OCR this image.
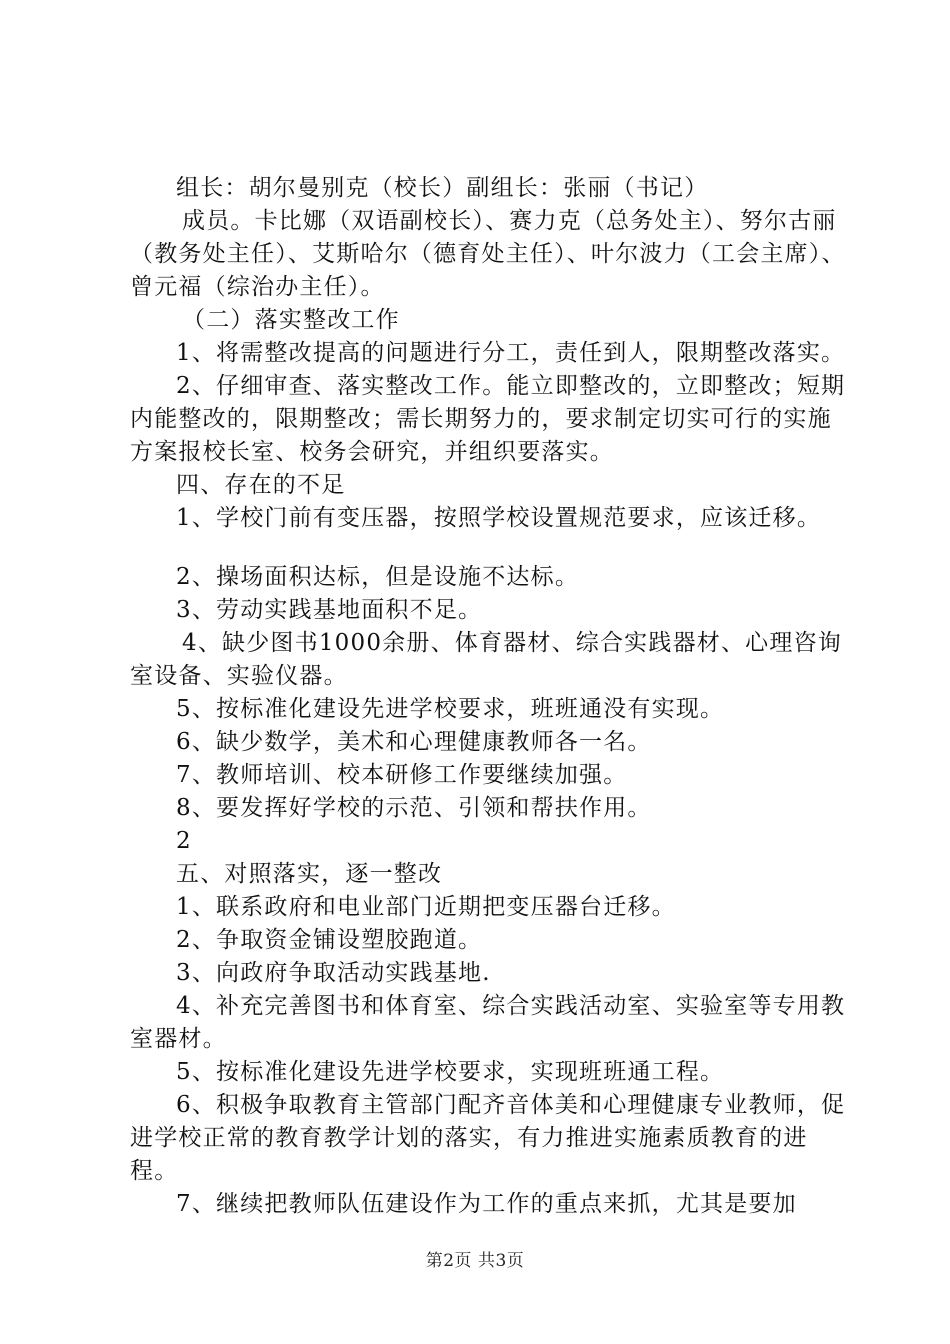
组长：胡尔曼别克（校长）副组长：张丽（书记）

成员。卡比娜（双语副校长）、赛力克（总务处主）、努尔古丽（教务处主任）、艾斯哈尔（德育处主任）、叶尔波力（工会主席）、曾元福（综治办主任）。

（二）落实整改工作

1、将需整改提高的问题进行分工，责任到人，限期整改落实。

2、仔细审查、落实整改工作。能立即整改的，立即整改；短期内能整改的，限期整改；需长期努力的，要求制定切实可行的实施方案报校长室、校务会研究，并组织要落实。

四、存在的不足

1、学校门前有变压器，按照学校设置规范要求，应该迁移。

2、操场面积达标，但是设施不达标。

3、劳动实践基地面积不足。

4、缺少图书1000余册、体育器材、综合实践器材、心理咨询室设备、实验仪器。

5、按标准化建设先进学校要求，班班通没有实现。

6、缺少数学，美术和心理健康教师各一名。

7、教师培训、校本研修工作要继续加强。

8、要发挥好学校的示范、引领和帮扶作用。

2

五、对照落实，逐一整改

1、联系政府和电业部门近期把变压器台迁移。

2、争取资金铺设塑胶跑道。

3、向政府争取活动实践基地.

4、补充完善图书和体育室、综合实践活动室、实验室等专用教室器材。

5、按标准化建设先进学校要求，实现班班通工程。

6、积极争取教育主管部门配齐音体美和心理健康专业教师，促进学校正常的教育教学计划的落实，有力推进实施素质教育的进程。

7、继续把教师队伍建设作为工作的重点来抓，尤其是要加

第2页 共3页
